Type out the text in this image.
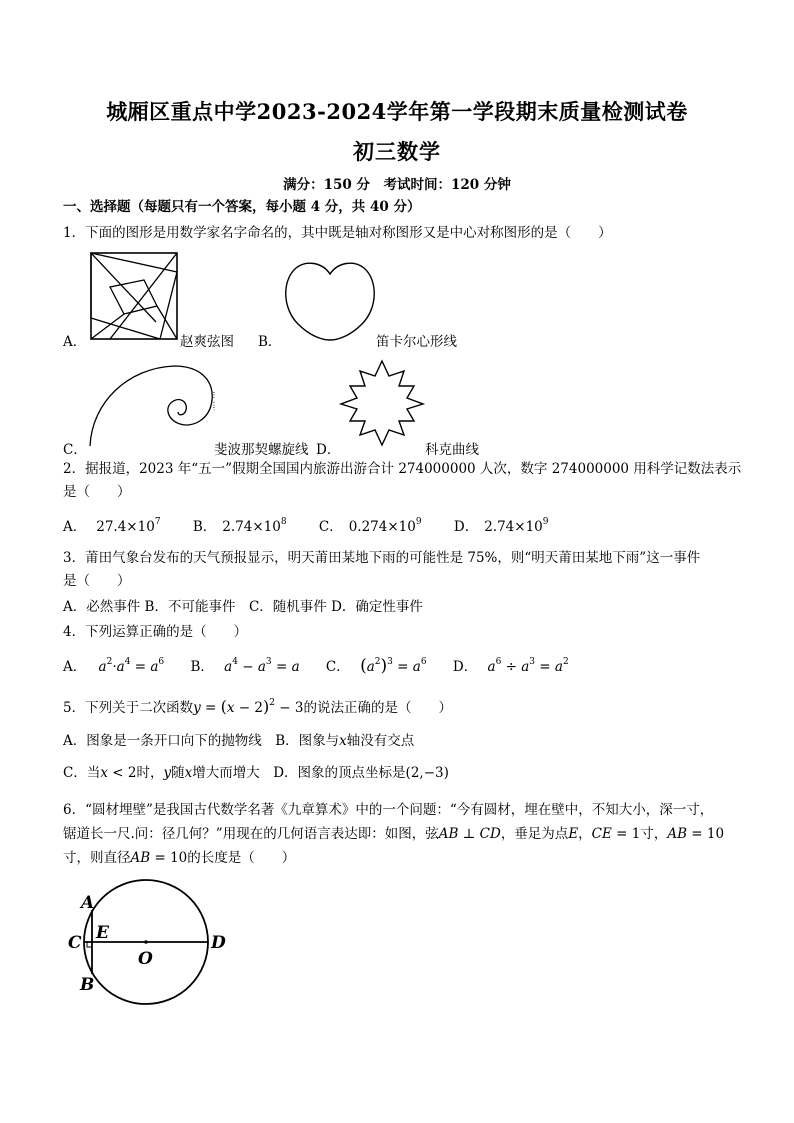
城厢区重点中学2023-2024学年第一学段期末质量检测试卷
初三数学
满分：150 分　考试时间：120 分钟
一、选择题（每题只有一个答案，每小题 4 分，共 40 分）
1．下面的图形是用数学家名字命名的，其中既是轴对称图形又是中心对称图形的是（　　）
A．	赵爽弦图 B．	笛卡尔心形线
C．	斐波那契螺旋线 D．	科克曲线
2．据报道，2023 年“五一”假期全国国内旅游出游合计 274000000 人次，数字 274000000 用科学记数法表示
是（　　）
A． $27.4\times 10^7$ B． $2.74\times 10^8$ C． $0.274\times 10^9$ D． $2.74\times 10^9$
3．莆田气象台发布的天气预报显示，明天莆田某地下雨的可能性是 75%，则“明天莆田某地下雨”这一事件
是（　　）
A．必然事件 B．不可能事件　C．随机事件 D．确定性事件
4．下列运算正确的是（　　）
A． $a^2\cdot a^4 = a^6$ B． $a^4 - a^3 = a$ C． $(a^2)^3 = a^6$ D． $a^6 \div a^3 = a^2$
5．下列关于二次函数$y = (x - 2)^2 - 3$的说法正确的是（　　）
A．图象是一条开口向下的抛物线　B．图象与x轴没有交点
C．当x < 2时，y随x增大而增大　D．图象的顶点坐标是(2,−3)
6．“圆材埋壁”是我国古代数学名著《九章算术》中的一个问题：“今有圆材，埋在壁中，不知大小，深一寸，
锯道长一尺.问：径几何？”用现在的几何语言表达即：如图，弦AB ⊥ CD，垂足为点E，CE = 1寸，AB = 10
寸，则直径AB = 10的长度是（　　）
A
B
C	D
E
O
